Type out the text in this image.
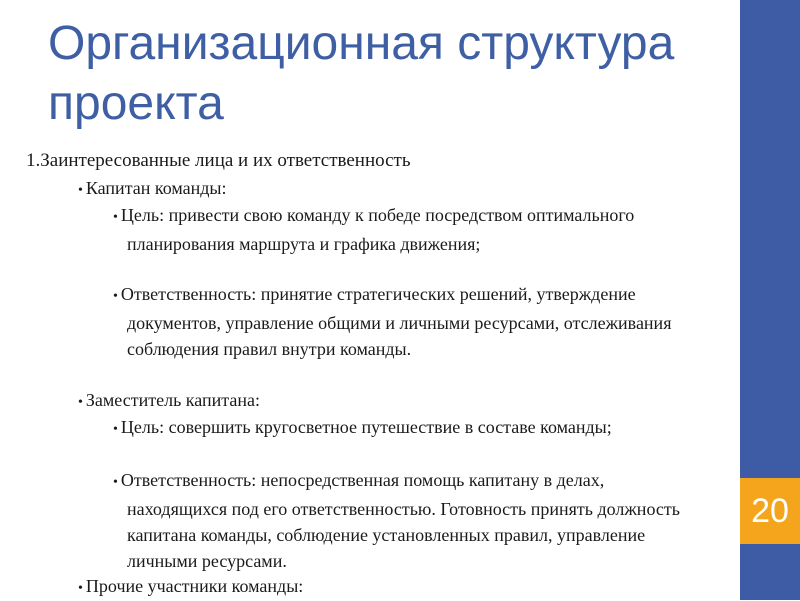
Организационная структура проекта
1.Заинтересованные лица и их ответственность
• Капитан команды:
• Цель: привести свою команду к победе посредством оптимального планирования маршрута и графика движения;
• Ответственность: принятие стратегических решений, утверждение документов, управление общими и личными ресурсами, отслеживания соблюдения правил внутри команды.
• Заместитель капитана:
• Цель: совершить кругосветное путешествие в составе команды;
• Ответственность: непосредственная помощь капитану в делах, находящихся под его ответственностью. Готовность принять должность капитана команды, соблюдение установленных правил, управление личными ресурсами.
• Прочие участники команды:
20
